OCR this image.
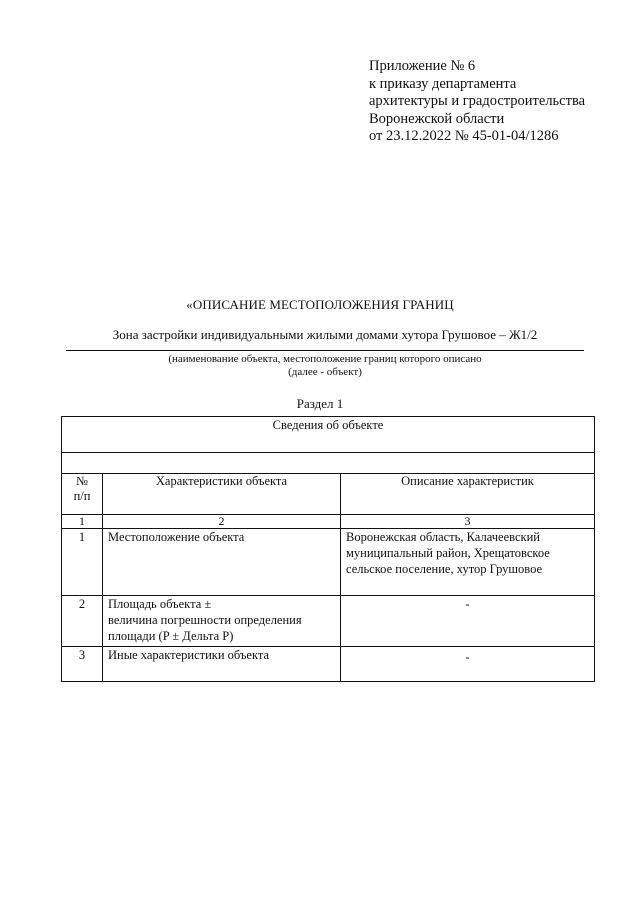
Приложение № 6
к приказу департамента
архитектуры и градостроительства
Воронежской области
от 23.12.2022 № 45-01-04/1286
«ОПИСАНИЕ МЕСТОПОЛОЖЕНИЯ ГРАНИЦ
Зона застройки индивидуальными жилыми домами хутора Грушовое – Ж1/2
(наименование объекта, местоположение границ которого описано
(далее - объект)
Раздел 1
Сведения об объекте		

№
п/п	Характеристики объекта	Описание характеристик
1	2	3
1	Местоположение объекта	Воронежская область, Калачеевский
муниципальный район, Хрещатовское
сельское поселение, хутор Грушовое

2	Площадь объекта ±
величина погрешности определения
площади (P ± Дельта P)	-
3	Иные характеристики объекта	-
